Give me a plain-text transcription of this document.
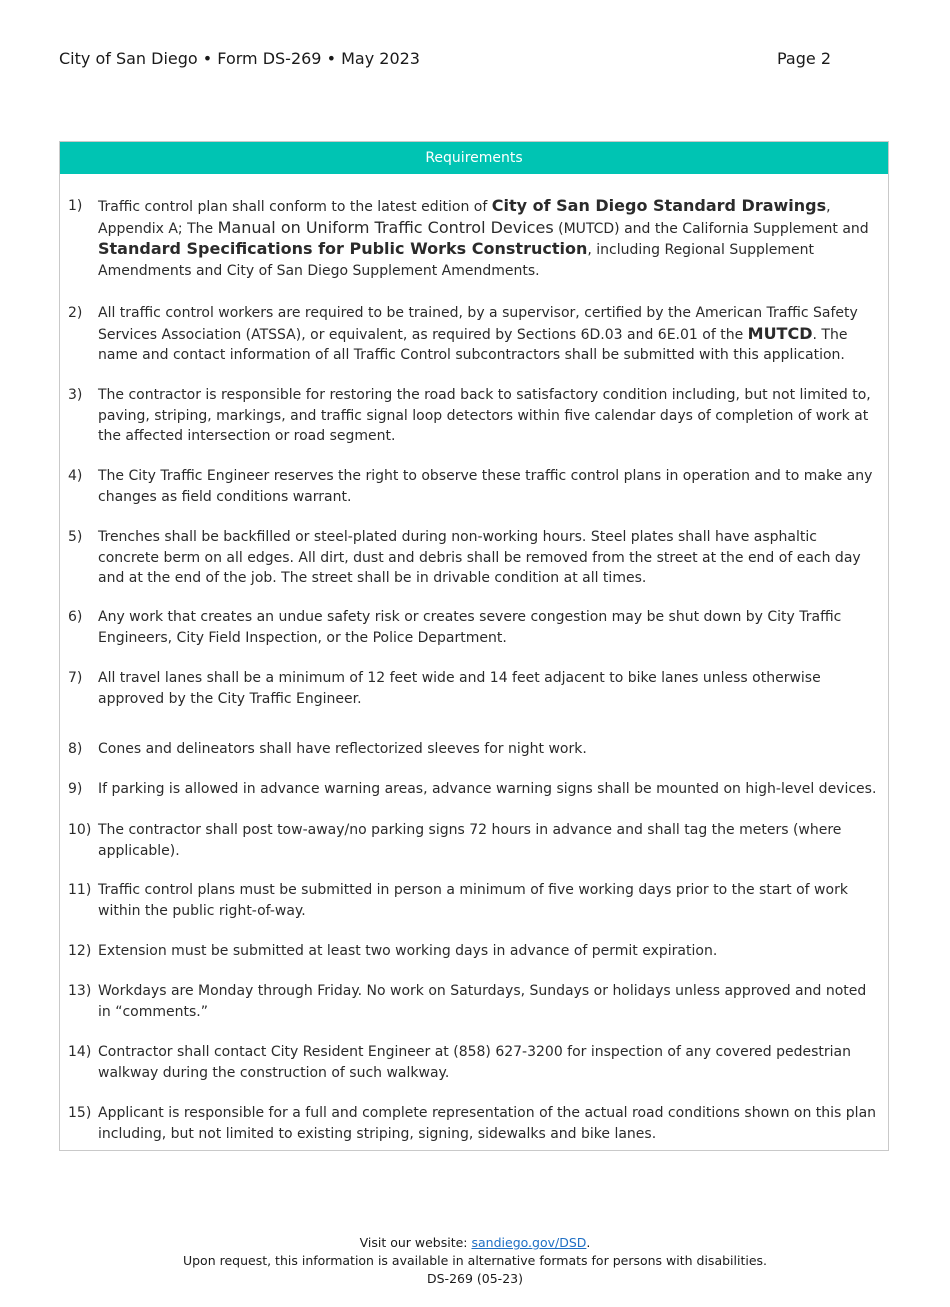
City of San Diego • Form DS-269 • May 2023	Page 2
Requirements
1)	Traffic control plan shall conform to the latest edition of City of San Diego Standard Drawings, Appendix A; The Manual on Uniform Traffic Control Devices (MUTCD) and the California Supplement and Standard Specifications for Public Works Construction, including Regional Supplement Amendments and City of San Diego Supplement Amendments.
2)	All traffic control workers are required to be trained, by a supervisor, certified by the American Traffic Safety Services Association (ATSSA), or equivalent, as required by Sections 6D.03 and 6E.01 of the MUTCD. The name and contact information of all Traffic Control subcontractors shall be submitted with this application.
3)	The contractor is responsible for restoring the road back to satisfactory condition including, but not limited to, paving, striping, markings, and traffic signal loop detectors within five calendar days of completion of work at the affected intersection or road segment.
4)	The City Traffic Engineer reserves the right to observe these traffic control plans in operation and to make any changes as field conditions warrant.
5)	Trenches shall be backfilled or steel-plated during non-working hours. Steel plates shall have asphaltic concrete berm on all edges. All dirt, dust and debris shall be removed from the street at the end of each day and at the end of the job. The street shall be in drivable condition at all times.
6)	Any work that creates an undue safety risk or creates severe congestion may be shut down by City Traffic Engineers, City Field Inspection, or the Police Department.
7)	All travel lanes shall be a minimum of 12 feet wide and 14 feet adjacent to bike lanes unless otherwise approved by the City Traffic Engineer.
8)	Cones and delineators shall have reflectorized sleeves for night work.
9)	If parking is allowed in advance warning areas, advance warning signs shall be mounted on high-level devices.
10) The contractor shall post tow-away/no parking signs 72 hours in advance and shall tag the meters (where applicable).
11) Traffic control plans must be submitted in person a minimum of five working days prior to the start of work within the public right-of-way.
12) Extension must be submitted at least two working days in advance of permit expiration.
13) Workdays are Monday through Friday. No work on Saturdays, Sundays or holidays unless approved and noted in “comments.”
14) Contractor shall contact City Resident Engineer at (858) 627-3200 for inspection of any covered pedestrian walkway during the construction of such walkway.
15) Applicant is responsible for a full and complete representation of the actual road conditions shown on this plan including, but not limited to existing striping, signing, sidewalks and bike lanes.
Visit our website: sandiego.gov/DSD.
Upon request, this information is available in alternative formats for persons with disabilities.
DS-269 (05-23)
